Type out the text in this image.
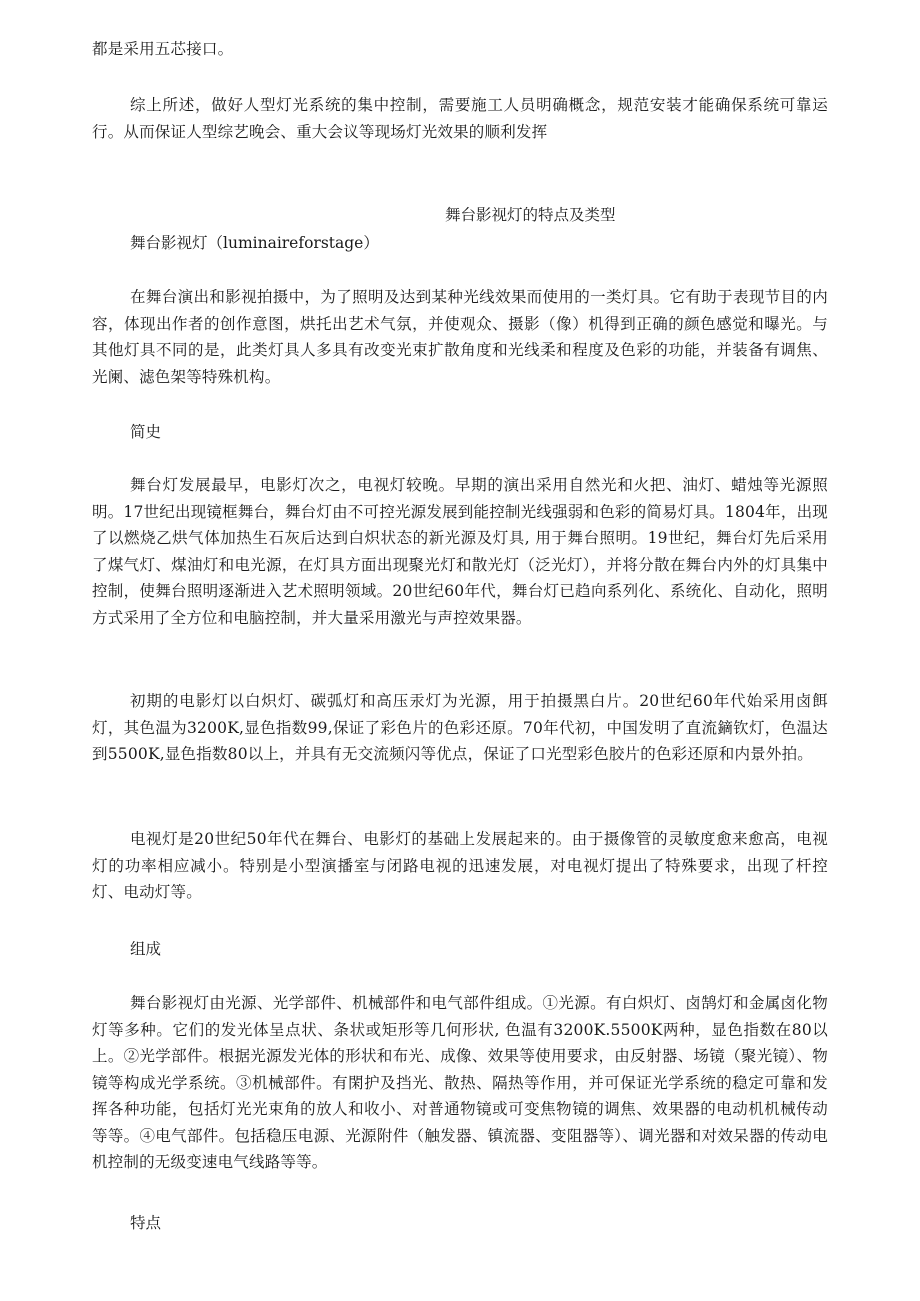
都是采用五芯接口。
综上所述，做好人型灯光系统的集中控制，需要施工人员明确概念，规范安装才能确保系统可靠运行。从而保证人型综艺晚会、重大会议等现场灯光效果的顺利发挥
舞台影视灯的特点及类型
舞台影视灯（luminaireforstage）
在舞台演出和影视拍摄中，为了照明及达到某种光线效果而使用的一类灯具。它有助于表现节目的内容，体现出作者的创作意图，烘托出艺术气氛，并使观众、摄影（像）机得到正确的颜色感觉和曝光。与其他灯具不同的是，此类灯具人多具有改变光束扩散角度和光线柔和程度及色彩的功能，并装备有调焦、光阑、滤色架等特殊机构。
简史
舞台灯发展最早，电影灯次之，电视灯较晚。早期的演出采用自然光和火把、油灯、蜡烛等光源照明。17世纪出现镜框舞台，舞台灯由不可控光源发展到能控制光线强弱和色彩的简易灯具。1804年，出现了以燃烧乙烘气体加热生石灰后达到白炽状态的新光源及灯具, 用于舞台照明。19世纪，舞台灯先后采用了煤气灯、煤油灯和电光源，在灯具方面出现聚光灯和散光灯（泛光灯），并将分散在舞台内外的灯具集中控制，使舞台照明逐渐进入艺术照明领域。20世纪60年代，舞台灯已趋向系列化、系统化、自动化，照明方式采用了全方位和电脑控制，并大量采用激光与声控效果器。
初期的电影灯以白炽灯、碳弧灯和高压汞灯为光源，用于拍摄黑白片。20世纪60年代始采用卤餌灯，其色温为3200K,显色指数99,保证了彩色片的色彩还原。70年代初，中国发明了直流鏑钦灯，色温达到5500K,显色指数80以上，并具有无交流频闪等优点，保证了口光型彩色胶片的色彩还原和内景外拍。
电视灯是20世纪50年代在舞台、电影灯的基础上发展起来的。由于摄像管的灵敏度愈来愈高，电视灯的功率相应减小。特别是小型演播室与闭路电视的迅速发展，对电视灯提出了特殊要求，出现了杆控灯、电动灯等。
组成
舞台影视灯由光源、光学部件、机械部件和电气部件组成。①光源。有白炽灯、卤鹄灯和金属卤化物灯等多种。它们的发光体呈点状、条状或矩形等几何形状, 色温有3200K.5500K两种，显色指数在80以上。②光学部件。根据光源发光体的形状和布光、成像、效果等使用要求，由反射器、场镜（聚光镜）、物镜等构成光学系统。③机械部件。有閑护及挡光、散热、隔热等作用，并可保证光学系统的稳定可靠和发挥各种功能，包括灯光光束角的放人和收小、对普通物镜或可变焦物镜的调焦、效果器的电动机机械传动等等。④电气部件。包括稳压电源、光源附件（触发器、镇流器、变阻器等）、调光器和对效呆器的传动电机控制的无级变速电气线路等等。
特点
